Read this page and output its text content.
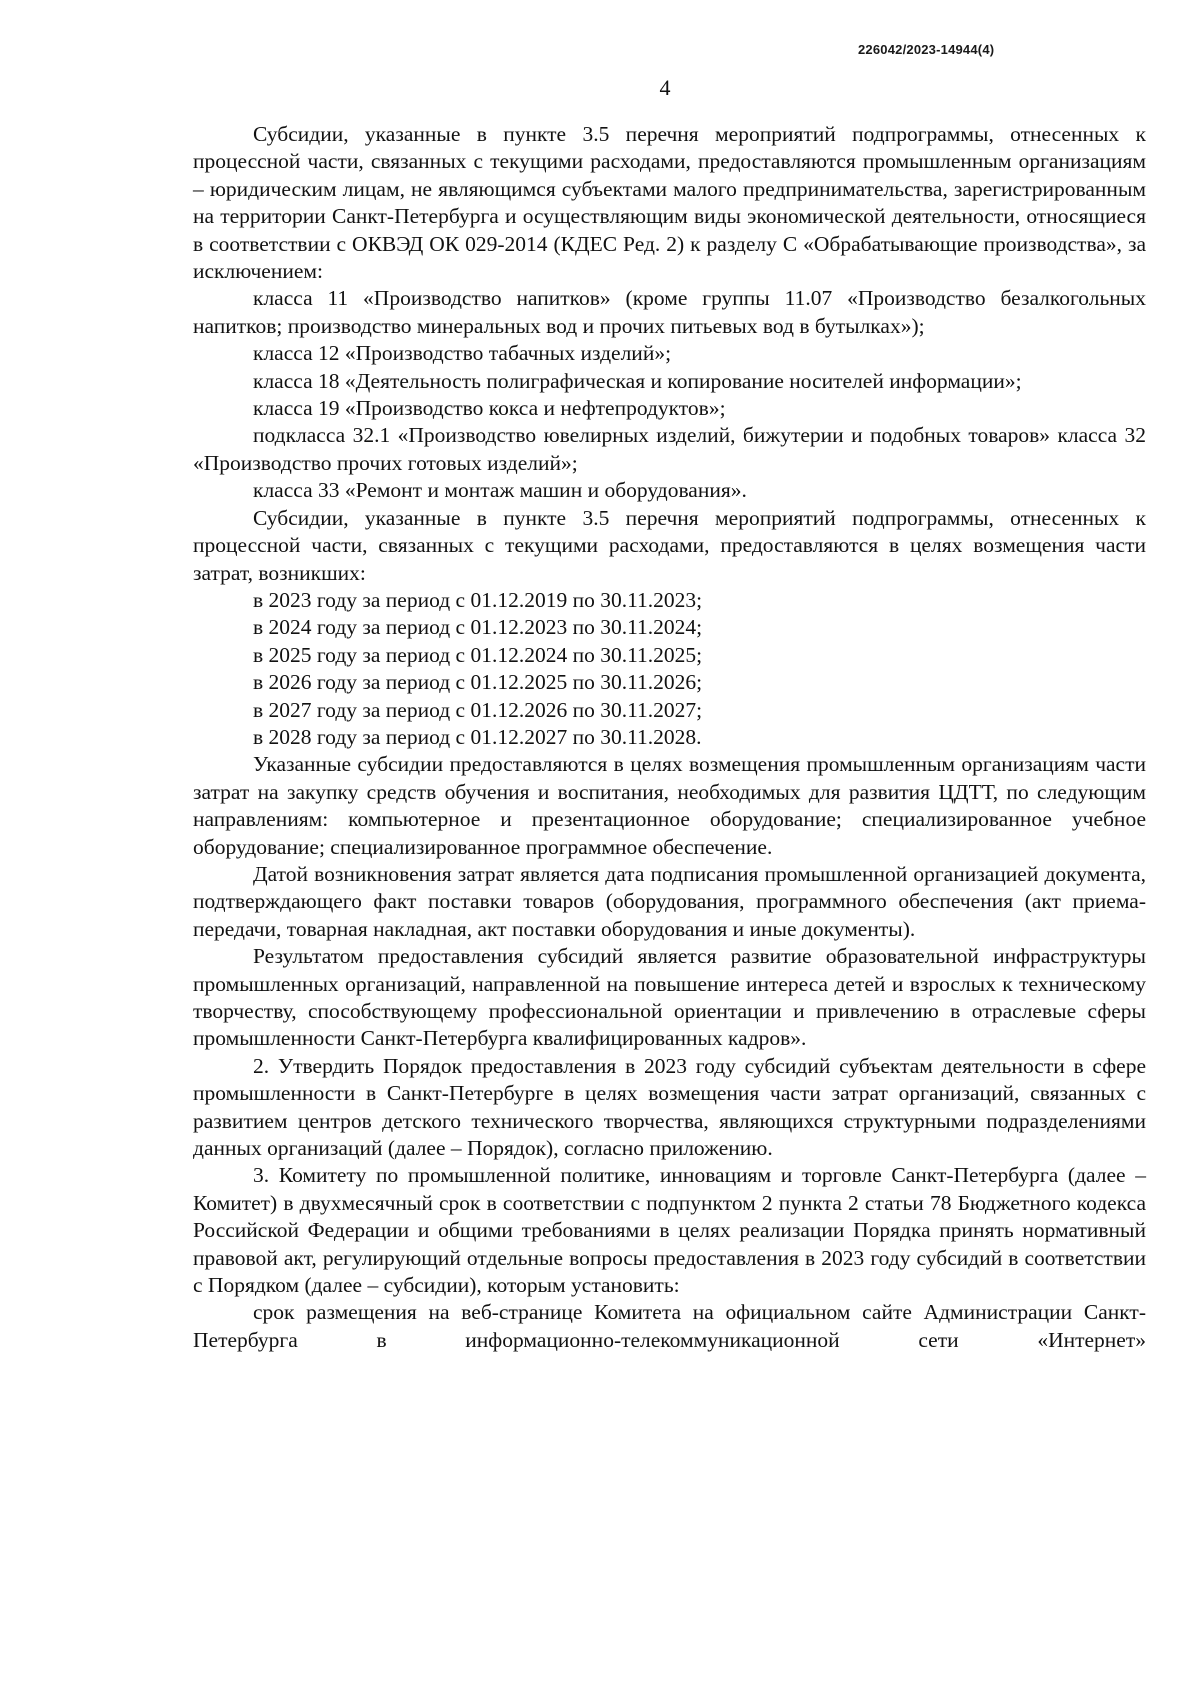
226042/2023-14944(4)
4

Субсидии, указанные в пункте 3.5 перечня мероприятий подпрограммы, отнесенных к процессной части, связанных с текущими расходами, предоставляются промышленным организациям – юридическим лицам, не являющимся субъектами малого предпринимательства, зарегистрированным на территории Санкт-Петербурга и осуществляющим виды экономической деятельности, относящиеся в соответствии с ОКВЭД ОК 029-2014 (КДЕС Ред. 2) к разделу С «Обрабатывающие производства», за исключением:

класса 11 «Производство напитков» (кроме группы 11.07 «Производство безалкогольных напитков; производство минеральных вод и прочих питьевых вод в бутылках»);

класса 12 «Производство табачных изделий»;

класса 18 «Деятельность полиграфическая и копирование носителей информации»;

класса 19 «Производство кокса и нефтепродуктов»;

подкласса 32.1 «Производство ювелирных изделий, бижутерии и подобных товаров» класса 32 «Производство прочих готовых изделий»;

класса 33 «Ремонт и монтаж машин и оборудования».

Субсидии, указанные в пункте 3.5 перечня мероприятий подпрограммы, отнесенных к процессной части, связанных с текущими расходами, предоставляются в целях возмещения части затрат, возникших:

в 2023 году за период с 01.12.2019 по 30.11.2023;

в 2024 году за период с 01.12.2023 по 30.11.2024;

в 2025 году за период с 01.12.2024 по 30.11.2025;

в 2026 году за период с 01.12.2025 по 30.11.2026;

в 2027 году за период с 01.12.2026 по 30.11.2027;

в 2028 году за период с 01.12.2027 по 30.11.2028.

Указанные субсидии предоставляются в целях возмещения промышленным организациям части затрат на закупку средств обучения и воспитания, необходимых для развития ЦДТТ, по следующим направлениям: компьютерное и презентационное оборудование; специализированное учебное оборудование; специализированное программное обеспечение.

Датой возникновения затрат является дата подписания промышленной организацией документа, подтверждающего факт поставки товаров (оборудования, программного обеспечения (акт приема-передачи, товарная накладная, акт поставки оборудования и иные документы).

Результатом предоставления субсидий является развитие образовательной инфраструктуры промышленных организаций, направленной на повышение интереса детей и взрослых к техническому творчеству, способствующему профессиональной ориентации и привлечению в отраслевые сферы промышленности Санкт-Петербурга квалифицированных кадров».

2. Утвердить Порядок предоставления в 2023 году субсидий субъектам деятельности в сфере промышленности в Санкт-Петербурге в целях возмещения части затрат организаций, связанных с развитием центров детского технического творчества, являющихся структурными подразделениями данных организаций (далее – Порядок), согласно приложению.

3. Комитету по промышленной политике, инновациям и торговле Санкт-Петербурга (далее – Комитет) в двухмесячный срок в соответствии с подпунктом 2 пункта 2 статьи 78 Бюджетного кодекса Российской Федерации и общими требованиями в целях реализации Порядка принять нормативный правовой акт, регулирующий отдельные вопросы предоставления в 2023 году субсидий в соответствии с Порядком (далее – субсидии), которым установить:

срок размещения на веб-странице Комитета на официальном сайте Администрации Санкт-Петербурга в информационно-телекоммуникационной сети «Интернет»
